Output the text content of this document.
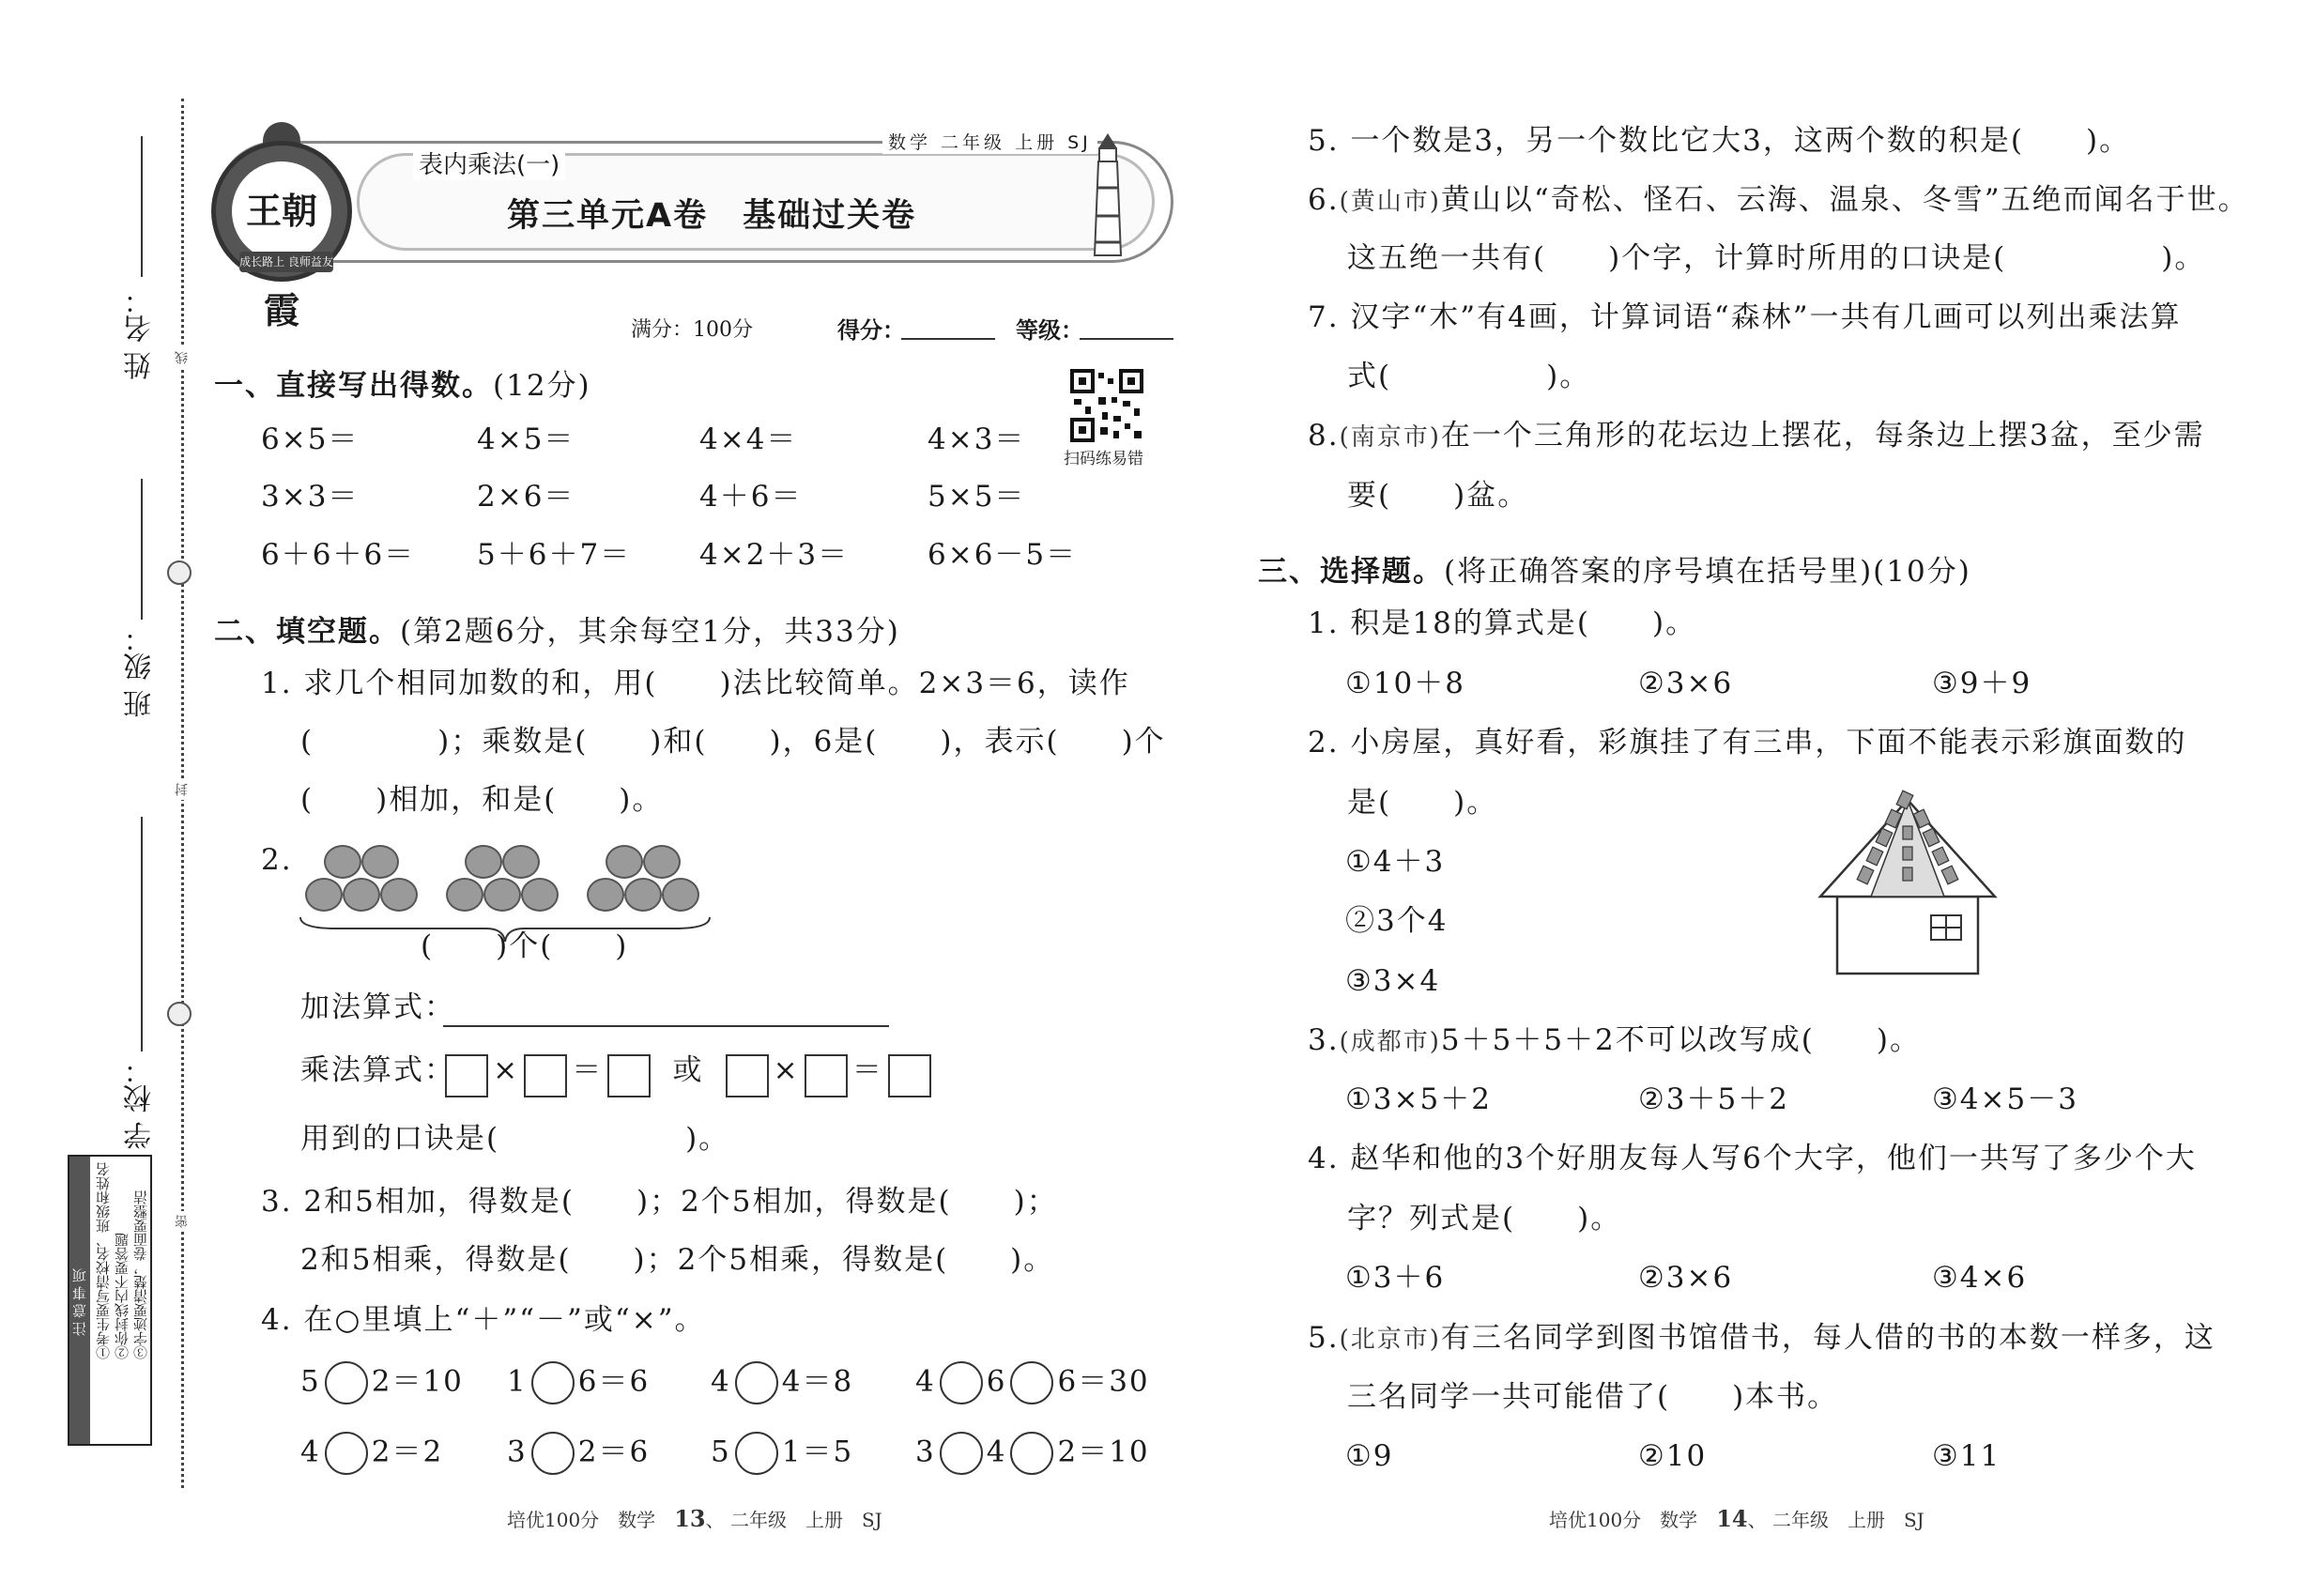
姓 名：
班 级：
学 校：
线
封
密
注意事项 ①考生要写清校名、班级和姓名 ②你封线内不要答题 ③字迹要清楚，卷面要整洁
王朝霞
成长路上 良师益友
表内乘法(一)
数学 二年级 上册 SJ
第三单元A卷　基础过关卷
满分：100分	得分：	等级：
扫码练易错
一、直接写出得数。(12分)
6×5＝	4×5＝	4×4＝	4×3＝
3×3＝	2×6＝	4＋6＝	5×5＝
6＋6＋6＝ 5＋6＋7＝ 4×2＋3＝	6×6－5＝
二、填空题。(第2题6分，其余每空1分，共33分)
1. 求几个相同加数的和，用(　　)法比较简单。2×3＝6，读作
(　　　　)；乘数是(　　)和(　　)，6是(　　)，表示(　　)个
(　　)相加，和是(　　)。
2.
(　　)个(　　)
加法算式：
乘法算式：	× ＝ 或 × ＝
用到的口诀是(　　　　　　)。
3. 2和5相加，得数是(　　)；2个5相加，得数是(　　)；
2和5相乘，得数是(　　)；2个5相乘，得数是(　　)。
4. 在○里填上“＋”“－”或“×”。
5 2＝10 1 6＝6 4 4＝8 4 6 6＝30
4 2＝2 3 2＝6 5 1＝5 3 4 2＝10
培优100分　数学　 13、 二年级　上册　SJ
5. 一个数是3，另一个数比它大3，这两个数的积是(　　)。
6.(黄山市)黄山以“奇松、怪石、云海、温泉、冬雪”五绝而闻名于世。
这五绝一共有(　　)个字，计算时所用的口诀是(　　　　　)。
7. 汉字“木”有4画，计算词语“森林”一共有几画可以列出乘法算
式(　　　　　)。
8.(南京市)在一个三角形的花坛边上摆花，每条边上摆3盆，至少需
要(　　)盆。
三、选择题。(将正确答案的序号填在括号里)(10分)
1. 积是18的算式是(　　)。
①10＋8	②3×6	③9＋9
2. 小房屋，真好看，彩旗挂了有三串，下面不能表示彩旗面数的
是(　　)。
①4＋3
②3个4
③3×4
3.(成都市)5＋5＋5＋2不可以改写成(　　)。
①3×5＋2	②3＋5＋2	③4×5－3
4. 赵华和他的3个好朋友每人写6个大字，他们一共写了多少个大
字？列式是(　　)。
①3＋6	②3×6	③4×6
5.(北京市)有三名同学到图书馆借书，每人借的书的本数一样多，这
三名同学一共可能借了(　　)本书。
①9	②10	③11
培优100分　数学　 14、 二年级　上册　SJ
